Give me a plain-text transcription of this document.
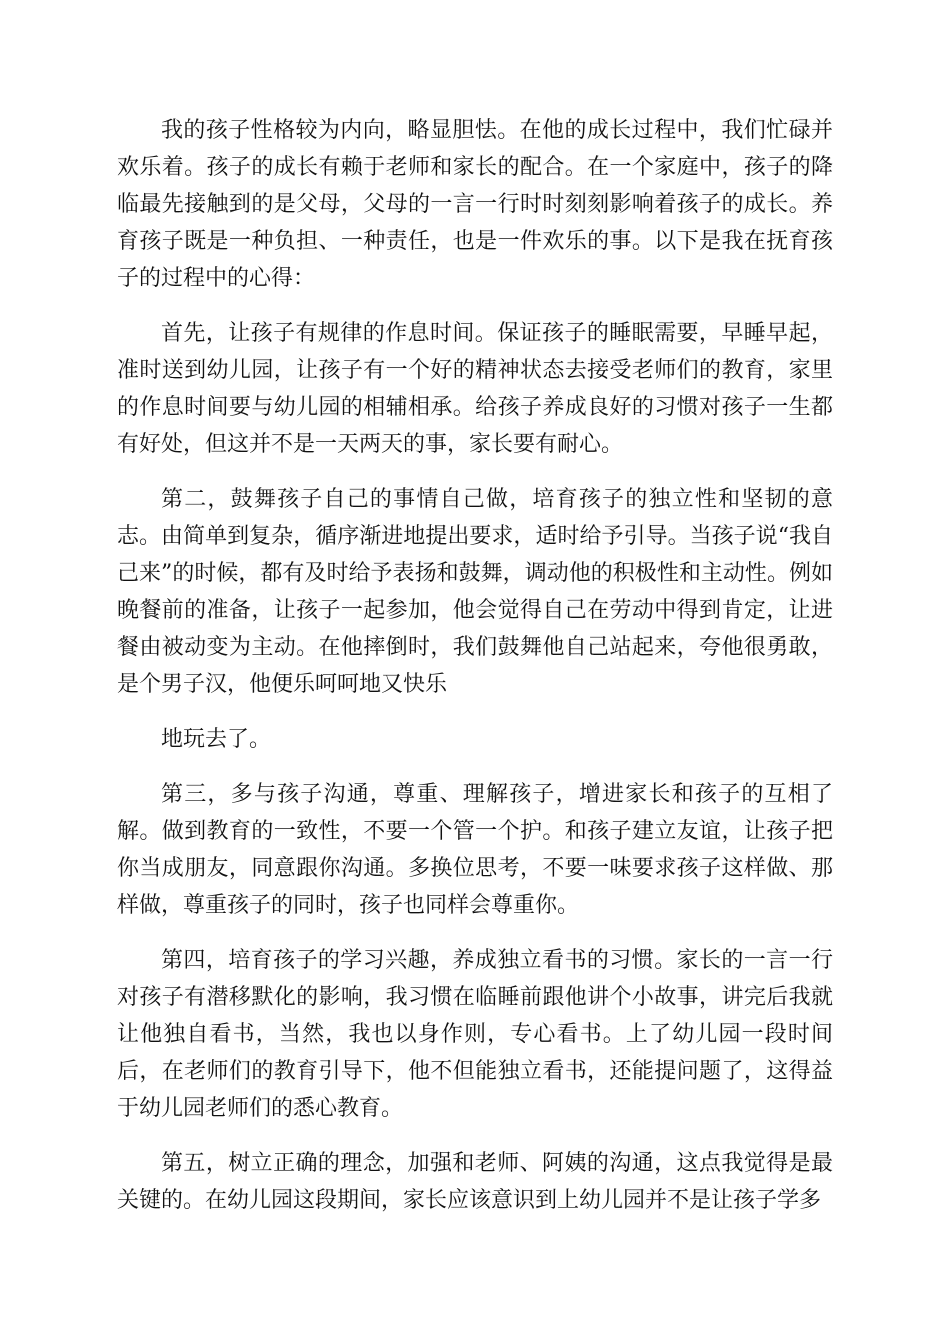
我的孩子性格较为内向，略显胆怯。在他的成长过程中，我们忙碌并欢乐着。孩子的成长有赖于老师和家长的配合。在一个家庭中，孩子的降临最先接触到的是父母，父母的一言一行时时刻刻影响着孩子的成长。养育孩子既是一种负担、一种责任，也是一件欢乐的事。以下是我在抚育孩子的过程中的心得：

首先，让孩子有规律的作息时间。保证孩子的睡眠需要，早睡早起，准时送到幼儿园，让孩子有一个好的精神状态去接受老师们的教育，家里的作息时间要与幼儿园的相辅相承。给孩子养成良好的习惯对孩子一生都有好处，但这并不是一天两天的事，家长要有耐心。

第二，鼓舞孩子自己的事情自己做，培育孩子的独立性和坚韧的意志。由简单到复杂，循序渐进地提出要求，适时给予引导。当孩子说“我自己来”的时候，都有及时给予表扬和鼓舞，调动他的积极性和主动性。例如晚餐前的准备，让孩子一起参加，他会觉得自己在劳动中得到肯定，让进餐由被动变为主动。在他摔倒时，我们鼓舞他自己站起来，夸他很勇敢，是个男子汉，他便乐呵呵地又快乐

地玩去了。

第三，多与孩子沟通，尊重、理解孩子，增进家长和孩子的互相了解。做到教育的一致性，不要一个管一个护。和孩子建立友谊，让孩子把你当成朋友，同意跟你沟通。多换位思考，不要一味要求孩子这样做、那样做，尊重孩子的同时，孩子也同样会尊重你。

第四，培育孩子的学习兴趣，养成独立看书的习惯。家长的一言一行对孩子有潜移默化的影响，我习惯在临睡前跟他讲个小故事，讲完后我就让他独自看书，当然，我也以身作则，专心看书。上了幼儿园一段时间后，在老师们的教育引导下，他不但能独立看书，还能提问题了，这得益于幼儿园老师们的悉心教育。

第五，树立正确的理念，加强和老师、阿姨的沟通，这点我觉得是最关键的。在幼儿园这段期间，家长应该意识到上幼儿园并不是让孩子学多
